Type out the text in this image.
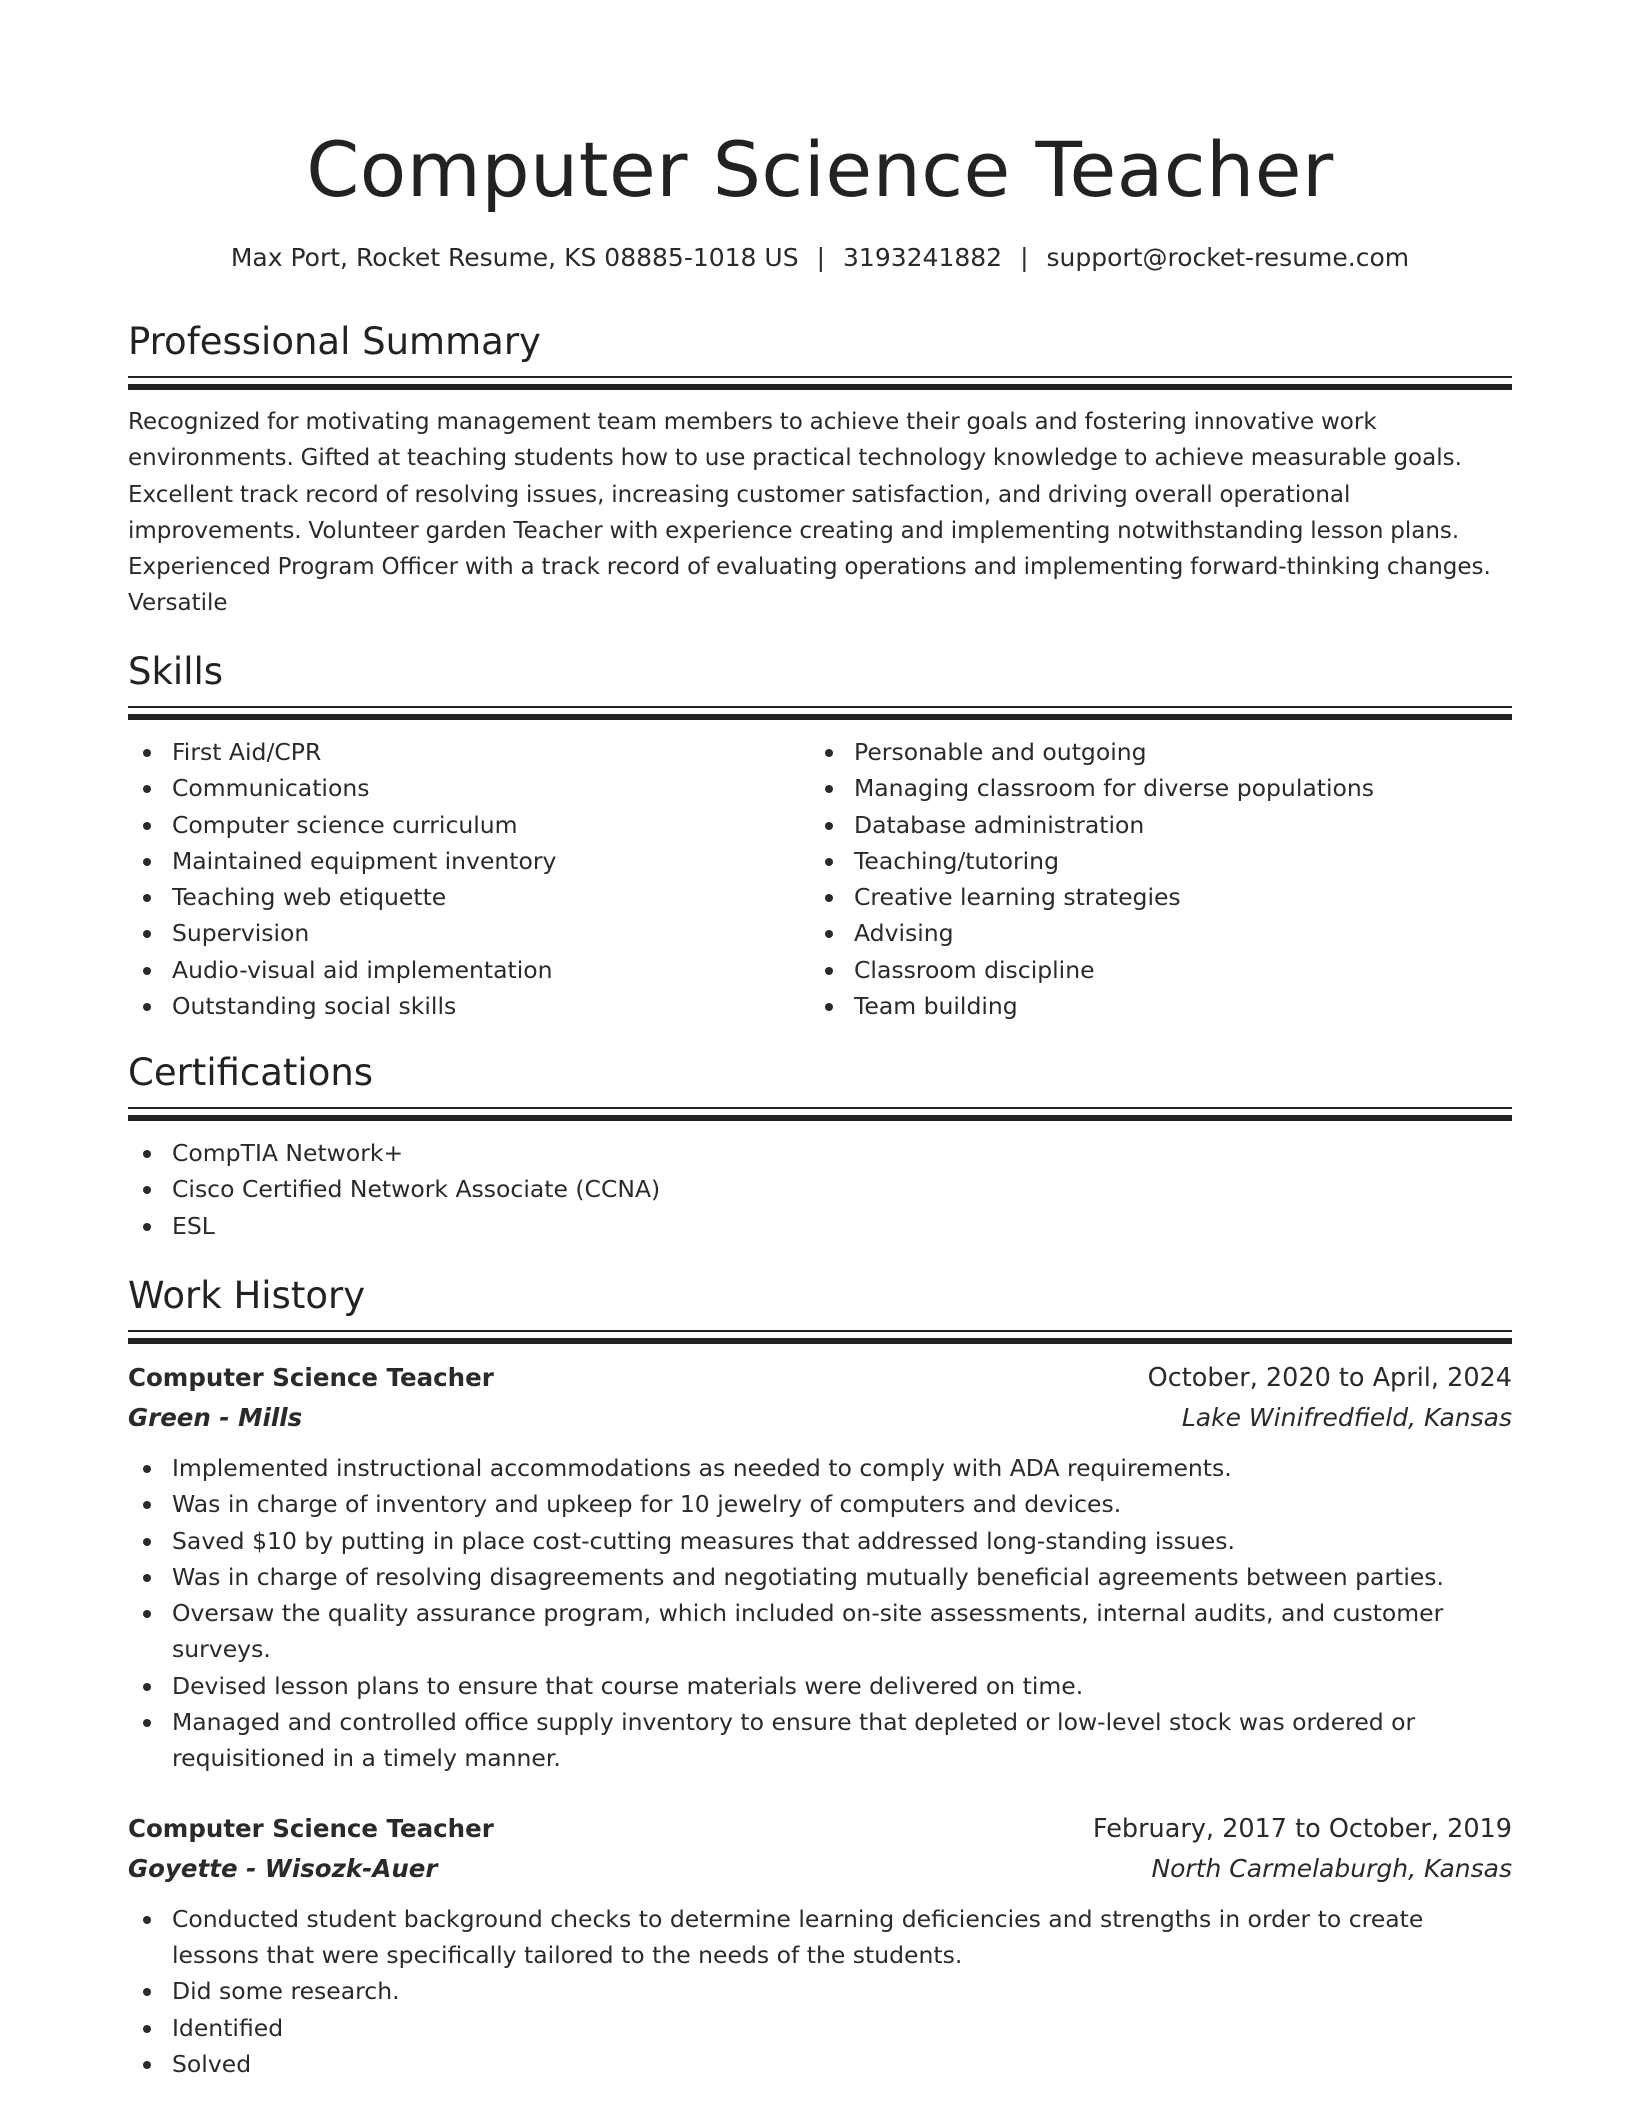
Computer Science Teacher
Max Port, Rocket Resume, KS 08885-1018 US | 3193241882 | support@rocket-resume.com
Professional Summary
Recognized for motivating management team members to achieve their goals and fostering innovative work environments. Gifted at teaching students how to use practical technology knowledge to achieve measurable goals. Excellent track record of resolving issues, increasing customer satisfaction, and driving overall operational improvements. Volunteer garden Teacher with experience creating and implementing notwithstanding lesson plans. Experienced Program Officer with a track record of evaluating operations and implementing forward-thinking changes. Versatile
Skills
First Aid/CPR
Communications
Computer science curriculum
Maintained equipment inventory
Teaching web etiquette
Supervision
Audio-visual aid implementation
Outstanding social skills
Personable and outgoing
Managing classroom for diverse populations
Database administration
Teaching/tutoring
Creative learning strategies
Advising
Classroom discipline
Team building
Certifications
CompTIA Network+
Cisco Certified Network Associate (CCNA)
ESL
Work History
Computer Science Teacher	October, 2020 to April, 2024
Green - Mills	Lake Winifredfield, Kansas
Implemented instructional accommodations as needed to comply with ADA requirements.
Was in charge of inventory and upkeep for 10 jewelry of computers and devices.
Saved $10 by putting in place cost-cutting measures that addressed long-standing issues.
Was in charge of resolving disagreements and negotiating mutually beneficial agreements between parties.
Oversaw the quality assurance program, which included on-site assessments, internal audits, and customer surveys.
Devised lesson plans to ensure that course materials were delivered on time.
Managed and controlled office supply inventory to ensure that depleted or low-level stock was ordered or requisitioned in a timely manner.
Computer Science Teacher	February, 2017 to October, 2019
Goyette - Wisozk-Auer	North Carmelaburgh, Kansas
Conducted student background checks to determine learning deficiencies and strengths in order to create lessons that were specifically tailored to the needs of the students.
Did some research.
Identified
Solved
